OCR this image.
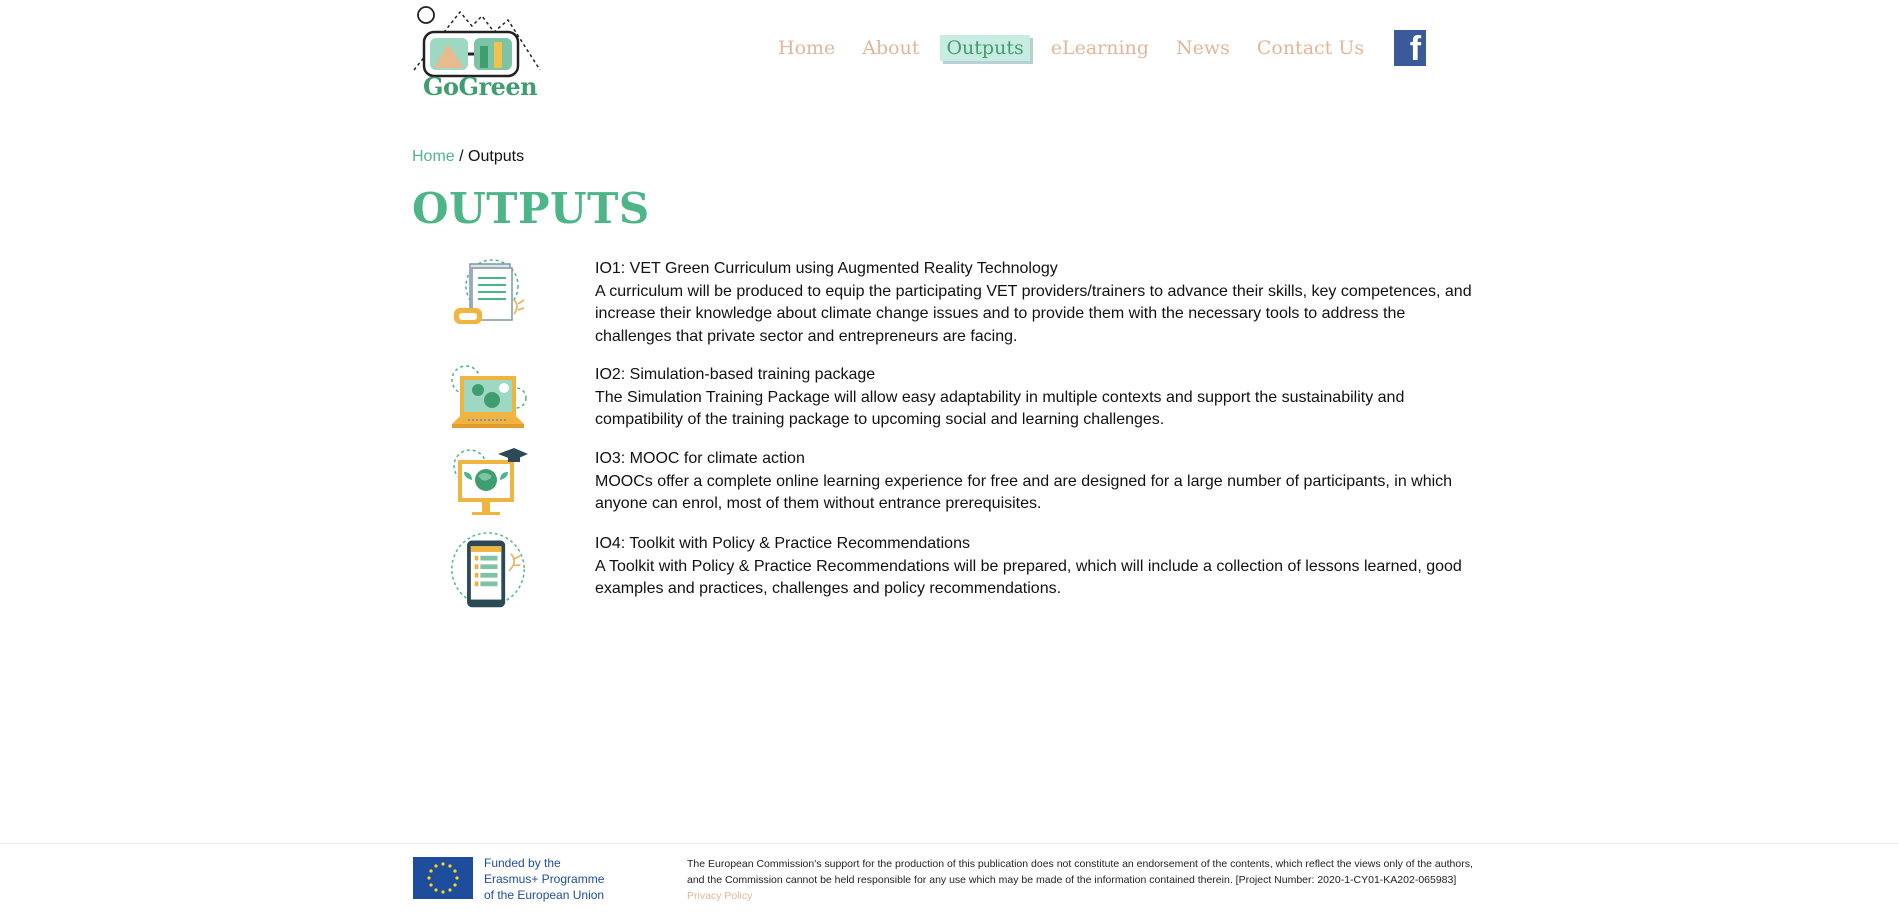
GoGreen
Home About	Outputs	eLearning News Contact Us f
Home / Outputs
OUTPUTS
IO1: VET Green Curriculum using Augmented Reality Technology
A curriculum will be produced to equip the participating VET providers/trainers to advance their skills, key competences, and increase their knowledge about climate change issues and to provide them with the necessary tools to address the challenges that private sector and entrepreneurs are facing.
IO2: Simulation-based training package
The Simulation Training Package will allow easy adaptability in multiple contexts and support the sustainability and compatibility of the training package to upcoming social and learning challenges.
IO3: MOOC for climate action
MOOCs offer a complete online learning experience for free and are designed for a large number of participants, in which anyone can enrol, most of them without entrance prerequisites.
IO4: Toolkit with Policy & Practice Recommendations
A Toolkit with Policy & Practice Recommendations will be prepared, which will include a collection of lessons learned, good examples and practices, challenges and policy recommendations.
Funded by the
Erasmus+ Programme
of the European Union
The European Commission's support for the production of this publication does not constitute an endorsement of the contents, which reflect the views only of the authors, and the Commission cannot be held responsible for any use which may be made of the information contained therein. [Project Number: 2020-1-CY01-KA202-065983] Privacy Policy
